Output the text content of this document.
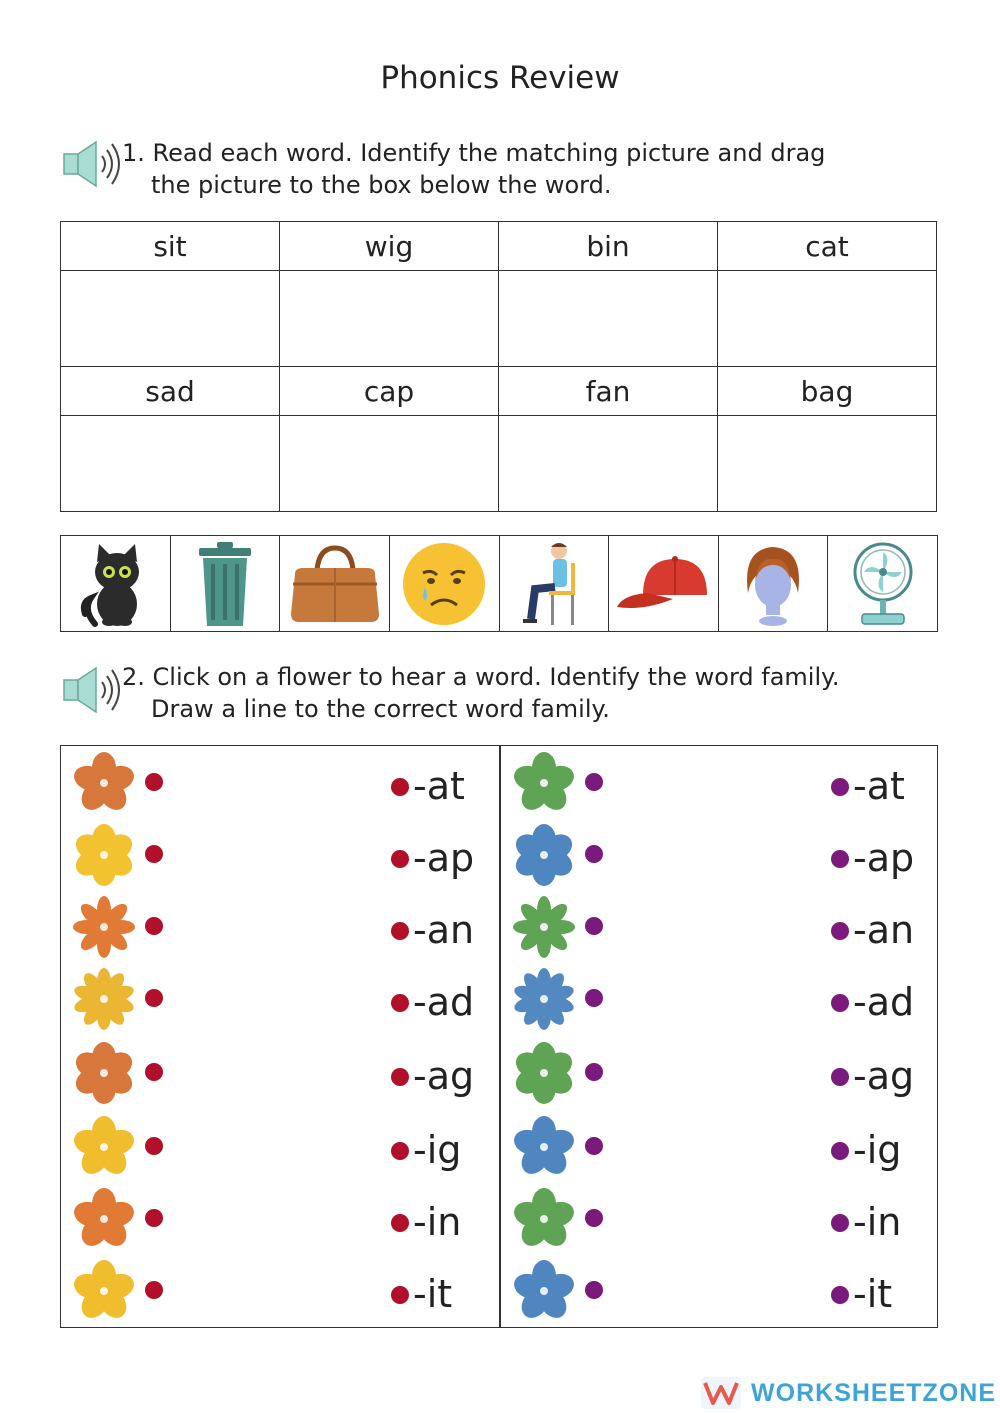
Phonics Review
1. Read each word. Identify the matching picture and drag
the picture to the box below the word.
sit	wig	bin	cat

sad	cap	fan	bag

2. Click on a flower to hear a word. Identify the word family.
Draw a line to the correct word family.
-at
-ap
-an
-ad
-ag
-ig
-in
-it
-at
-ap
-an
-ad
-ag
-ig
-in
-it
WORKSHEETZONE
